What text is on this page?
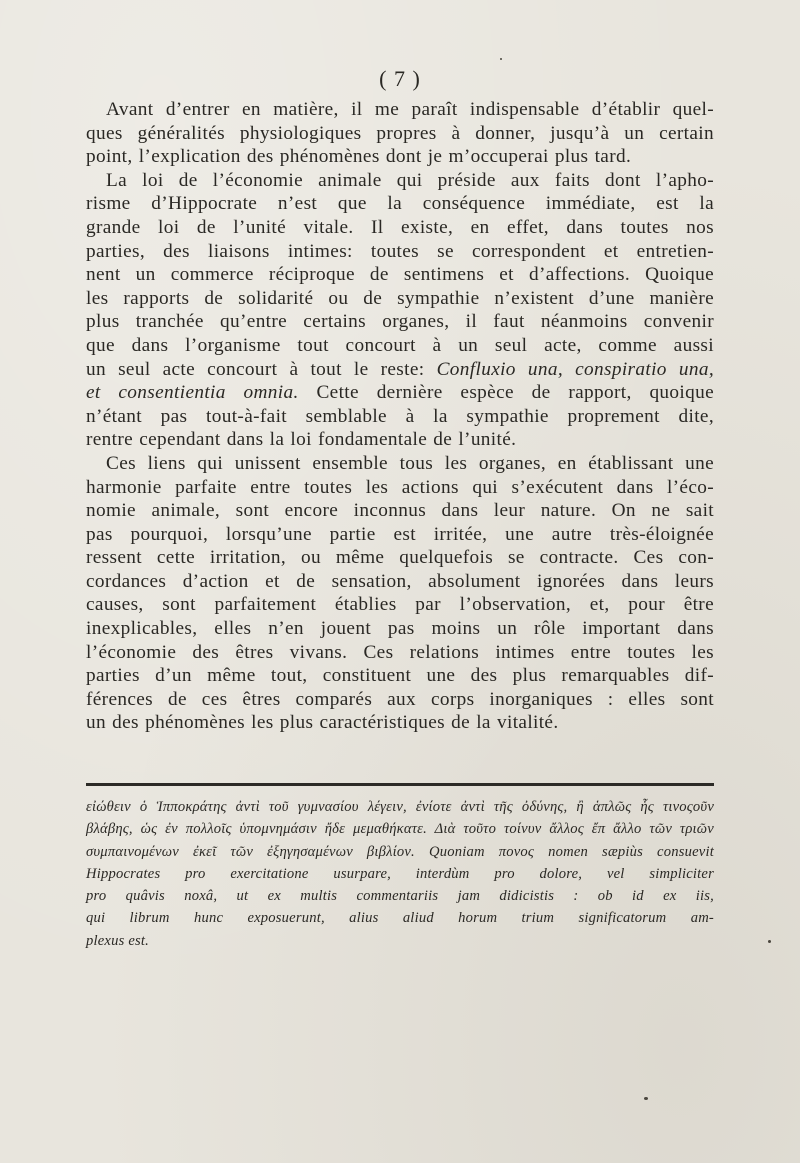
( 7 )
Avant d’entrer en matière, il me paraît indispensable d’établir quel-
ques généralités physiologiques propres à donner, jusqu’à un certain
point, l’explication des phénomènes dont je m’occuperai plus tard.
La loi de l’économie animale qui préside aux faits dont l’apho-
risme d’Hippocrate n’est que la conséquence immédiate, est la
grande loi de l’unité vitale. Il existe, en effet, dans toutes nos
parties, des liaisons intimes: toutes se correspondent et entretien-
nent un commerce réciproque de sentimens et d’affections. Quoique
les rapports de solidarité ou de sympathie n’existent d’une manière
plus tranchée qu’entre certains organes, il faut néanmoins convenir
que dans l’organisme tout concourt à un seul acte, comme aussi
un seul acte concourt à tout le reste: Confluxio una, conspiratio una,
et consentientia omnia. Cette dernière espèce de rapport, quoique
n’étant pas tout-à-fait semblable à la sympathie proprement dite,
rentre cependant dans la loi fondamentale de l’unité.
Ces liens qui unissent ensemble tous les organes, en établissant une
harmonie parfaite entre toutes les actions qui s’exécutent dans l’éco-
nomie animale, sont encore inconnus dans leur nature. On ne sait
pas pourquoi, lorsqu’une partie est irritée, une autre très-éloignée
ressent cette irritation, ou même quelquefois se contracte. Ces con-
cordances d’action et de sensation, absolument ignorées dans leurs
causes, sont parfaitement établies par l’observation, et, pour être
inexplicables, elles n’en jouent pas moins un rôle important dans
l’économie des êtres vivans. Ces relations intimes entre toutes les
parties d’un même tout, constituent une des plus remarquables dif-
férences de ces êtres comparés aux corps inorganiques : elles sont
un des phénomènes les plus caractéristiques de la vitalité.
εἰώθειν ὁ Ἱπποκράτης ἀντὶ τοῦ γυμνασίου λέγειν, ἐνίοτε ἀντὶ τῆς ὀδύνης, ἢ ἁπλῶς ἧς τινοςοῦν
βλάβης, ὡς ἐν πολλοῖς ὑπομνημάσιν ἤδε μεμαθήκατε. Διὰ τοῦτο τοίνυν ἄλλος ἔπ ἄλλο τῶν τριῶν
συμπαινομένων ἐκεῖ τῶν ἐξηγησαμένων βιβλίον. Quoniam πονος nomen sæpiùs consuevit
Hippocrates pro exercitatione usurpare, interdùm pro dolore, vel simpliciter
pro quâvis noxâ, ut ex multis commentariis jam didicistis : ob id ex iis,
qui librum hunc exposuerunt, alius aliud horum trium significatorum am-
plexus est.
